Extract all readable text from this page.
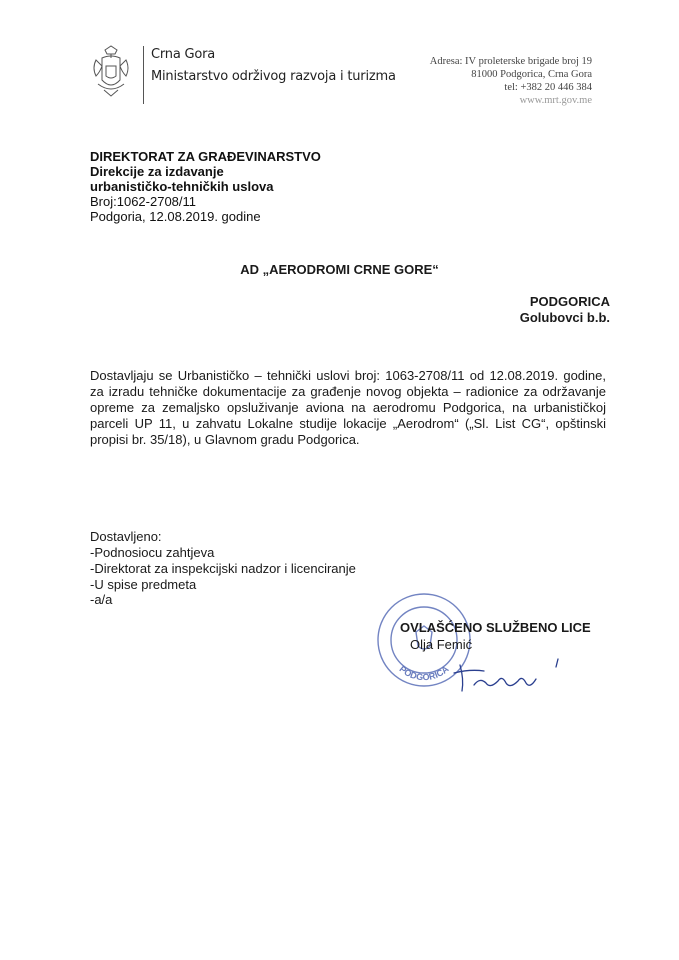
Crna Gora
Ministarstvo održivog razvoja i turizma
Adresa: IV proleterske brigade broj 19
81000 Podgorica, Crna Gora
tel: +382 20 446 384
www.mrt.gov.me
DIREKTORAT ZA GRAĐEVINARSTVO
Direkcije za izdavanje
urbanističko-tehničkih uslova
Broj:1062-2708/11
Podgoria, 12.08.2019. godine
AD „AERODROMI CRNE GORE“
PODGORICA
Golubovci b.b.
Dostavljaju se Urbanističko – tehnički uslovi broj: 1063-2708/11 od 12.08.2019. godine, za izradu tehničke dokumentacije za građenje novog objekta – radionice za održavanje opreme za zemaljsko opsluživanje aviona na aerodromu Podgorica, na urbanističkoj parceli UP 11, u zahvatu Lokalne studije lokacije „Aerodrom“ („Sl. List CG“, opštinski propisi br. 35/18), u Glavnom gradu Podgorica.
Dostavljeno:
-Podnosiocu zahtjeva
-Direktorat za inspekcijski nadzor i licenciranje
-U spise predmeta
-a/a
PODGORICA
OVLAŠĆENO SLUŽBENO LICE
Olja Femić
